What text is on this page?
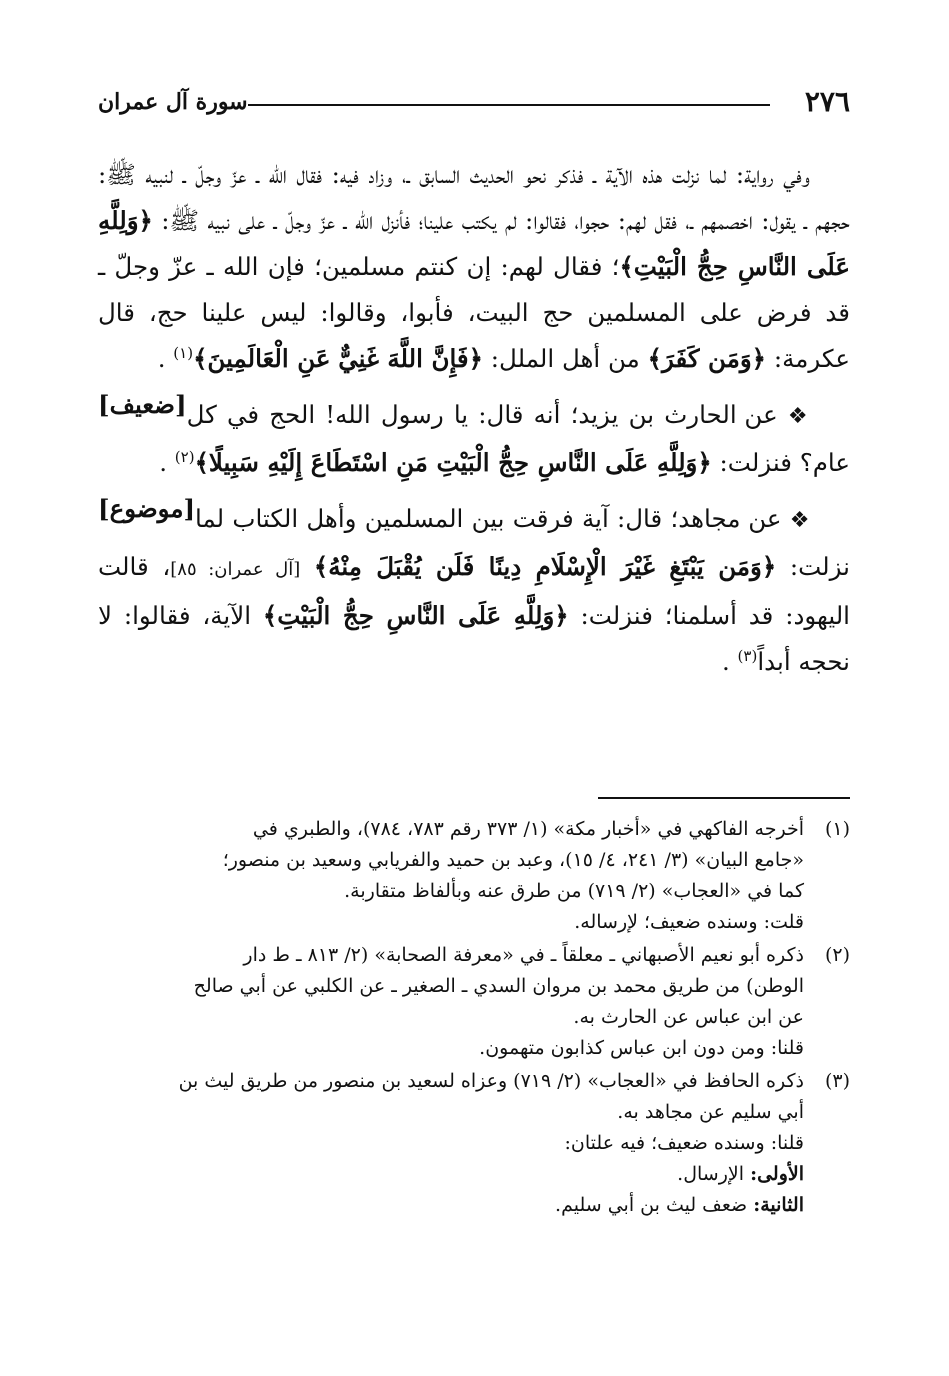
٢٧٦
سورة آل عمران

وفي رواية: لما نزلت هذه الآية ـ فذكر نحو الحديث السابق ـ، وزاد فيه: فقال الله ـ عزّ وجلّ ـ لنبيه ﷺ: حجهم ـ يقول: اخصمهم ـ، فقل لهم: حجوا، فقالوا: لم يكتب علينا؛ فأنزل الله ـ عزّ وجلّ ـ على نبيه ﷺ: ﴿وَلِلَّهِ عَلَى النَّاسِ حِجُّ الْبَيْتِ﴾؛ فقال لهم: إن كنتم مسلمين؛ فإن الله ـ عزّ وجلّ ـ قد فرض على المسلمين حج البيت، فأبوا، وقالوا: ليس علينا حج، قال عكرمة: ﴿وَمَن كَفَرَ﴾ من أهل الملل: ﴿فَإِنَّ اللَّهَ غَنِيٌّ عَنِ الْعَالَمِينَ﴾$^{(١)}$ .
[ضعيف]	❖ عن الحارث بن يزيد؛ أنه قال: يا رسول الله! الحج في كل عام؟ فنزلت: ﴿وَلِلَّهِ عَلَى النَّاسِ حِجُّ الْبَيْتِ مَنِ اسْتَطَاعَ إِلَيْهِ سَبِيلًا﴾$^{(٢)}$ .
[موضوع]	❖ عن مجاهد؛ قال: آية فرقت بين المسلمين وأهل الكتاب لما نزلت: ﴿وَمَن يَبْتَغِ غَيْرَ الْإِسْلَامِ دِينًا فَلَن يُقْبَلَ مِنْهُ﴾ [آل عمران: ٨٥]، قالت اليهود: قد أسلمنا؛ فنزلت: ﴿وَلِلَّهِ عَلَى النَّاسِ حِجُّ الْبَيْتِ﴾ الآية، فقالوا: لا نحجه أبداً$^{(٣)}$ .

(١)
أخرجه الفاكهي في «أخبار مكة» (١/ ٣٧٣ رقم ٧٨٣، ٧٨٤)، والطبري في
«جامع البيان» (٣/ ٢٤١، ٤/ ١٥)، وعبد بن حميد والفريابي وسعيد بن منصور؛
كما في «العجاب» (٢/ ٧١٩) من طرق عنه وبألفاظ متقاربة.
قلت: وسنده ضعيف؛ لإرساله.
(٢)
ذكره أبو نعيم الأصبهاني ـ معلقاً ـ في «معرفة الصحابة» (٢/ ٨١٣ ـ ط دار
الوطن) من طريق محمد بن مروان السدي ـ الصغير ـ عن الكلبي عن أبي صالح
عن ابن عباس عن الحارث به.
قلنا: ومن دون ابن عباس كذابون متهمون.
(٣)
ذكره الحافظ في «العجاب» (٢/ ٧١٩) وعزاه لسعيد بن منصور من طريق ليث بن
أبي سليم عن مجاهد به.
قلنا: وسنده ضعيف؛ فيه علتان:
الأولى: الإرسال.
الثانية: ضعف ليث بن أبي سليم.
